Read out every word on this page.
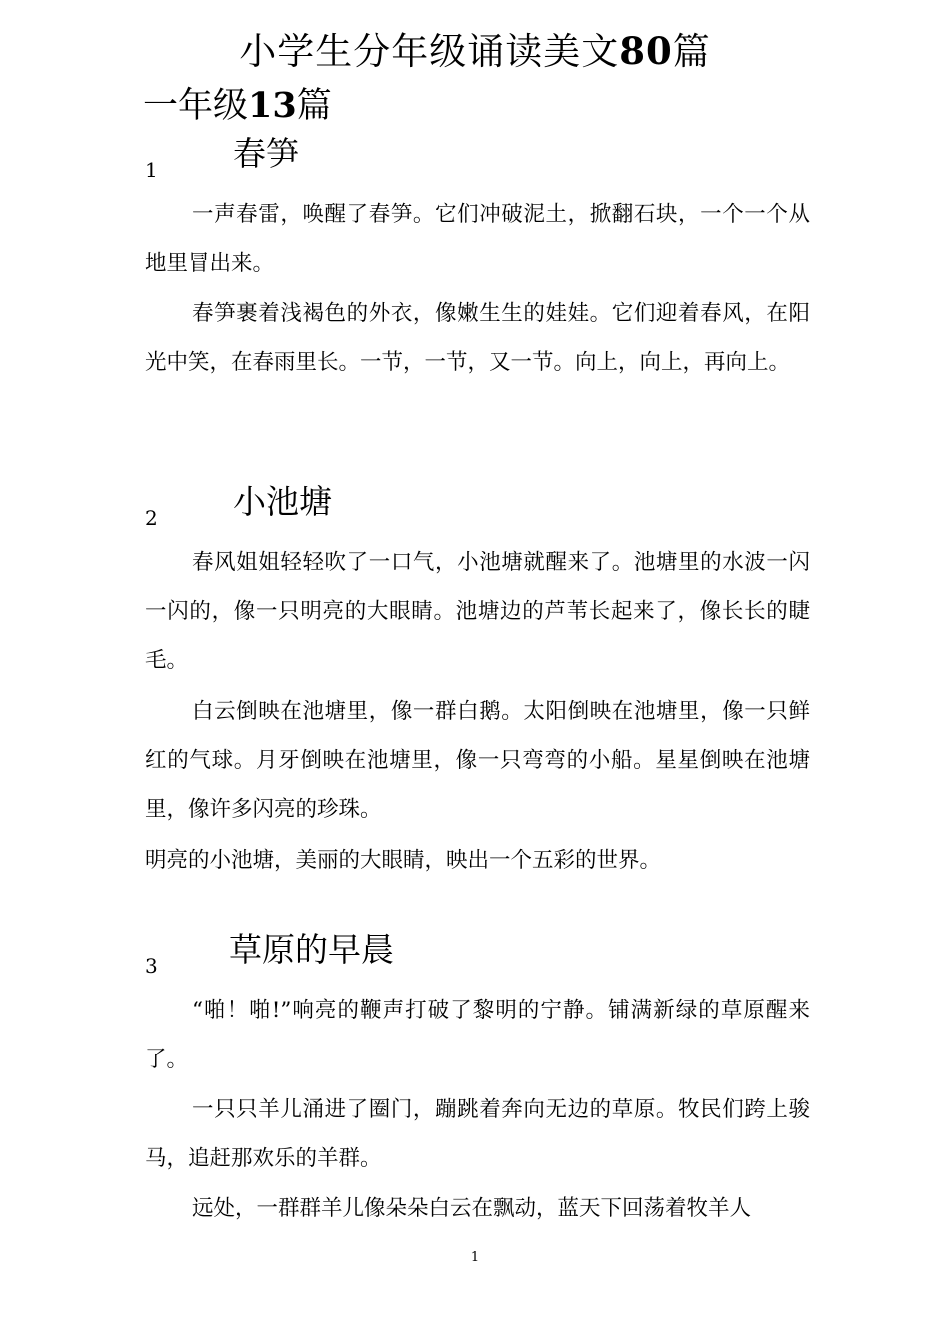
小学生分年级诵读美文80篇
一年级13篇
1 春笋

一声春雷，唤醒了春笋。它们冲破泥土，掀翻石块，一个一个从地里冒出来。

春笋裹着浅褐色的外衣，像嫩生生的娃娃。它们迎着春风，在阳光中笑，在春雨里长。一节，一节，又一节。向上，向上，再向上。

2 小池塘

春风姐姐轻轻吹了一口气，小池塘就醒来了。池塘里的水波一闪一闪的，像一只明亮的大眼睛。池塘边的芦苇长起来了，像长长的睫毛。

白云倒映在池塘里，像一群白鹅。太阳倒映在池塘里，像一只鲜红的气球。月牙倒映在池塘里，像一只弯弯的小船。星星倒映在池塘里，像许多闪亮的珍珠。

明亮的小池塘，美丽的大眼睛，映出一个五彩的世界。

3 草原的早晨

“啪！啪!”响亮的鞭声打破了黎明的宁静。铺满新绿的草原醒来了。

一只只羊儿涌进了圈门，蹦跳着奔向无边的草原。牧民们跨上骏马，追赶那欢乐的羊群。

远处，一群群羊儿像朵朵白云在飘动，蓝天下回荡着牧羊人

1
